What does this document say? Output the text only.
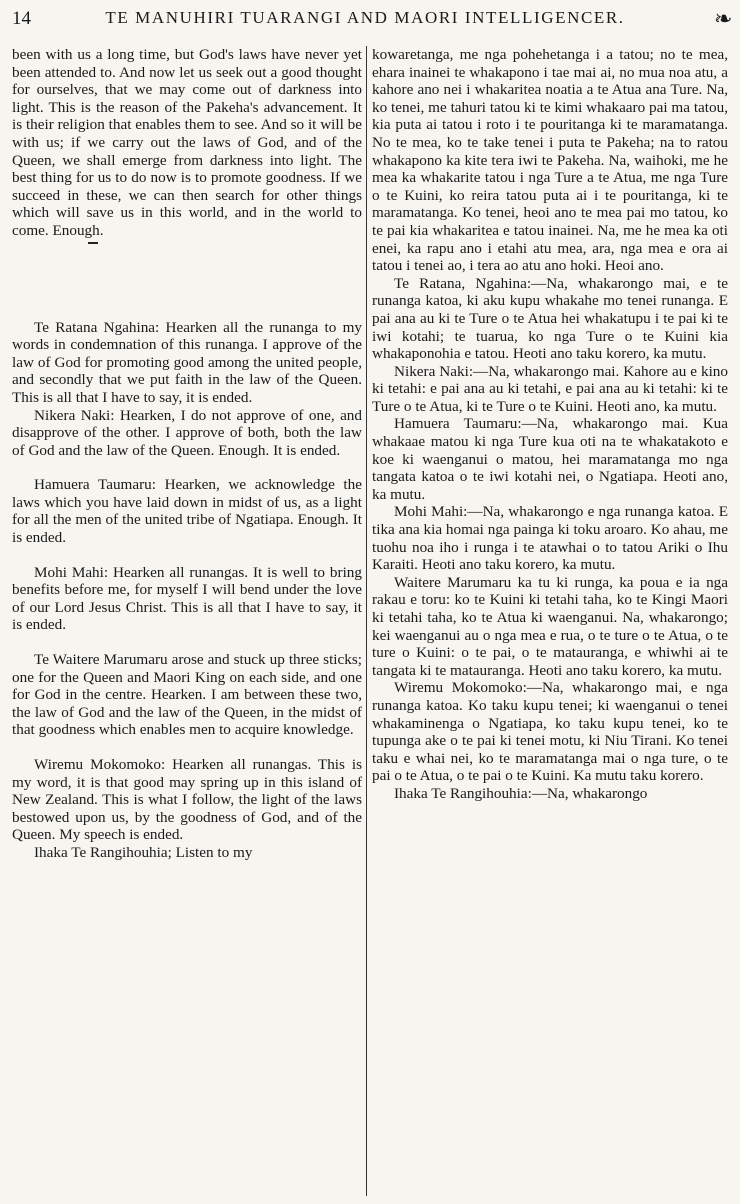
14	TE MANUHIRI TUARANGI AND MAORI INTELLIGENCER.	❧

been with us a long time, but God's laws have never yet been attended to. And now let us seek out a good thought for ourselves, that we may come out of darkness into light. This is the reason of the Pakeha's advancement. It is their religion that enables them to see. And so it will be with us; if we carry out the laws of God, and of the Queen, we shall emerge from darkness into light. The best thing for us to do now is to promote goodness. If we succeed in these, we can then search for other things which will save us in this world, and in the world to come. Enough.

Te Ratana Ngahina: Hearken all the runanga to my words in condemnation of this runanga. I approve of the law of God for promoting good among the united people, and secondly that we put faith in the law of the Queen. This is all that I have to say, it is ended.

Nikera Naki: Hearken, I do not approve of one, and disapprove of the other. I approve of both, both the law of God and the law of the Queen. Enough. It is ended.

Hamuera Taumaru: Hearken, we acknowledge the laws which you have laid down in midst of us, as a light for all the men of the united tribe of Ngatiapa. Enough. It is ended.

Mohi Mahi: Hearken all runangas. It is well to bring benefits before me, for myself I will bend under the love of our Lord Jesus Christ. This is all that I have to say, it is ended.

Te Waitere Marumaru arose and stuck up three sticks; one for the Queen and Maori King on each side, and one for God in the centre. Hearken. I am between these two, the law of God and the law of the Queen, in the midst of that goodness which enables men to acquire knowledge.

Wiremu Mokomoko: Hearken all runangas. This is my word, it is that good may spring up in this island of New Zealand. This is what I follow, the light of the laws bestowed upon us, by the goodness of God, and of the Queen. My speech is ended.

Ihaka Te Rangihouhia; Listen to my

kowaretanga, me nga pohehetanga i a tatou; no te mea, ehara inainei te whakapono i tae mai ai, no mua noa atu, a kahore ano nei i whakaritea noatia a te Atua ana Ture. Na, ko tenei, me tahuri tatou ki te kimi whakaaro pai ma tatou, kia puta ai tatou i roto i te pouritanga ki te maramatanga. No te mea, ko te take tenei i puta te Pakeha; na to ratou whakapono ka kite tera iwi te Pakeha. Na, waihoki, me he mea ka whakarite tatou i nga Ture a te Atua, me nga Ture o te Kuini, ko reira tatou puta ai i te pouritanga, ki te maramatanga. Ko tenei, heoi ano te mea pai mo tatou, ko te pai kia whakaritea e tatou inainei. Na, me he mea ka oti enei, ka rapu ano i etahi atu mea, ara, nga mea e ora ai tatou i tenei ao, i tera ao atu ano hoki. Heoi ano.

Te Ratana, Ngahina:—Na, whakarongo mai, e te runanga katoa, ki aku kupu whakahe mo tenei runanga. E pai ana au ki te Ture o te Atua hei whakatupu i te pai ki te iwi kotahi; te tuarua, ko nga Ture o te Kuini kia whakaponohia e tatou. Heoti ano taku korero, ka mutu.

Nikera Naki:—Na, whakarongo mai. Kahore au e kino ki tetahi: e pai ana au ki tetahi, e pai ana au ki tetahi: ki te Ture o te Atua, ki te Ture o te Kuini. Heoti ano, ka mutu.

Hamuera Taumaru:—Na, whakarongo mai. Kua whakaae matou ki nga Ture kua oti na te whakatakoto e koe ki waenganui o matou, hei maramatanga mo nga tangata katoa o te iwi kotahi nei, o Ngatiapa. Heoti ano, ka mutu.

Mohi Mahi:—Na, whakarongo e nga runanga katoa. E tika ana kia homai nga painga ki toku aroaro. Ko ahau, me tuohu noa iho i runga i te atawhai o to tatou Ariki o Ihu Karaiti. Heoti ano taku korero, ka mutu.

Waitere Marumaru ka tu ki runga, ka poua e ia nga rakau e toru: ko te Kuini ki tetahi taha, ko te Kingi Maori ki tetahi taha, ko te Atua ki waenganui. Na, whakarongo; kei waenganui au o nga mea e rua, o te ture o te Atua, o te ture o Kuini: o te pai, o te matauranga, e whiwhi ai te tangata ki te matauranga. Heoti ano taku korero, ka mutu.

Wiremu Mokomoko:—Na, whakarongo mai, e nga runanga katoa. Ko taku kupu tenei; ki waenganui o tenei whakaminenga o Ngatiapa, ko taku kupu tenei, ko te tupunga ake o te pai ki tenei motu, ki Niu Tirani. Ko tenei taku e whai nei, ko te maramatanga mai o nga ture, o te pai o te Atua, o te pai o te Kuini. Ka mutu taku korero.

Ihaka Te Rangihouhia:—Na, whakarongo
